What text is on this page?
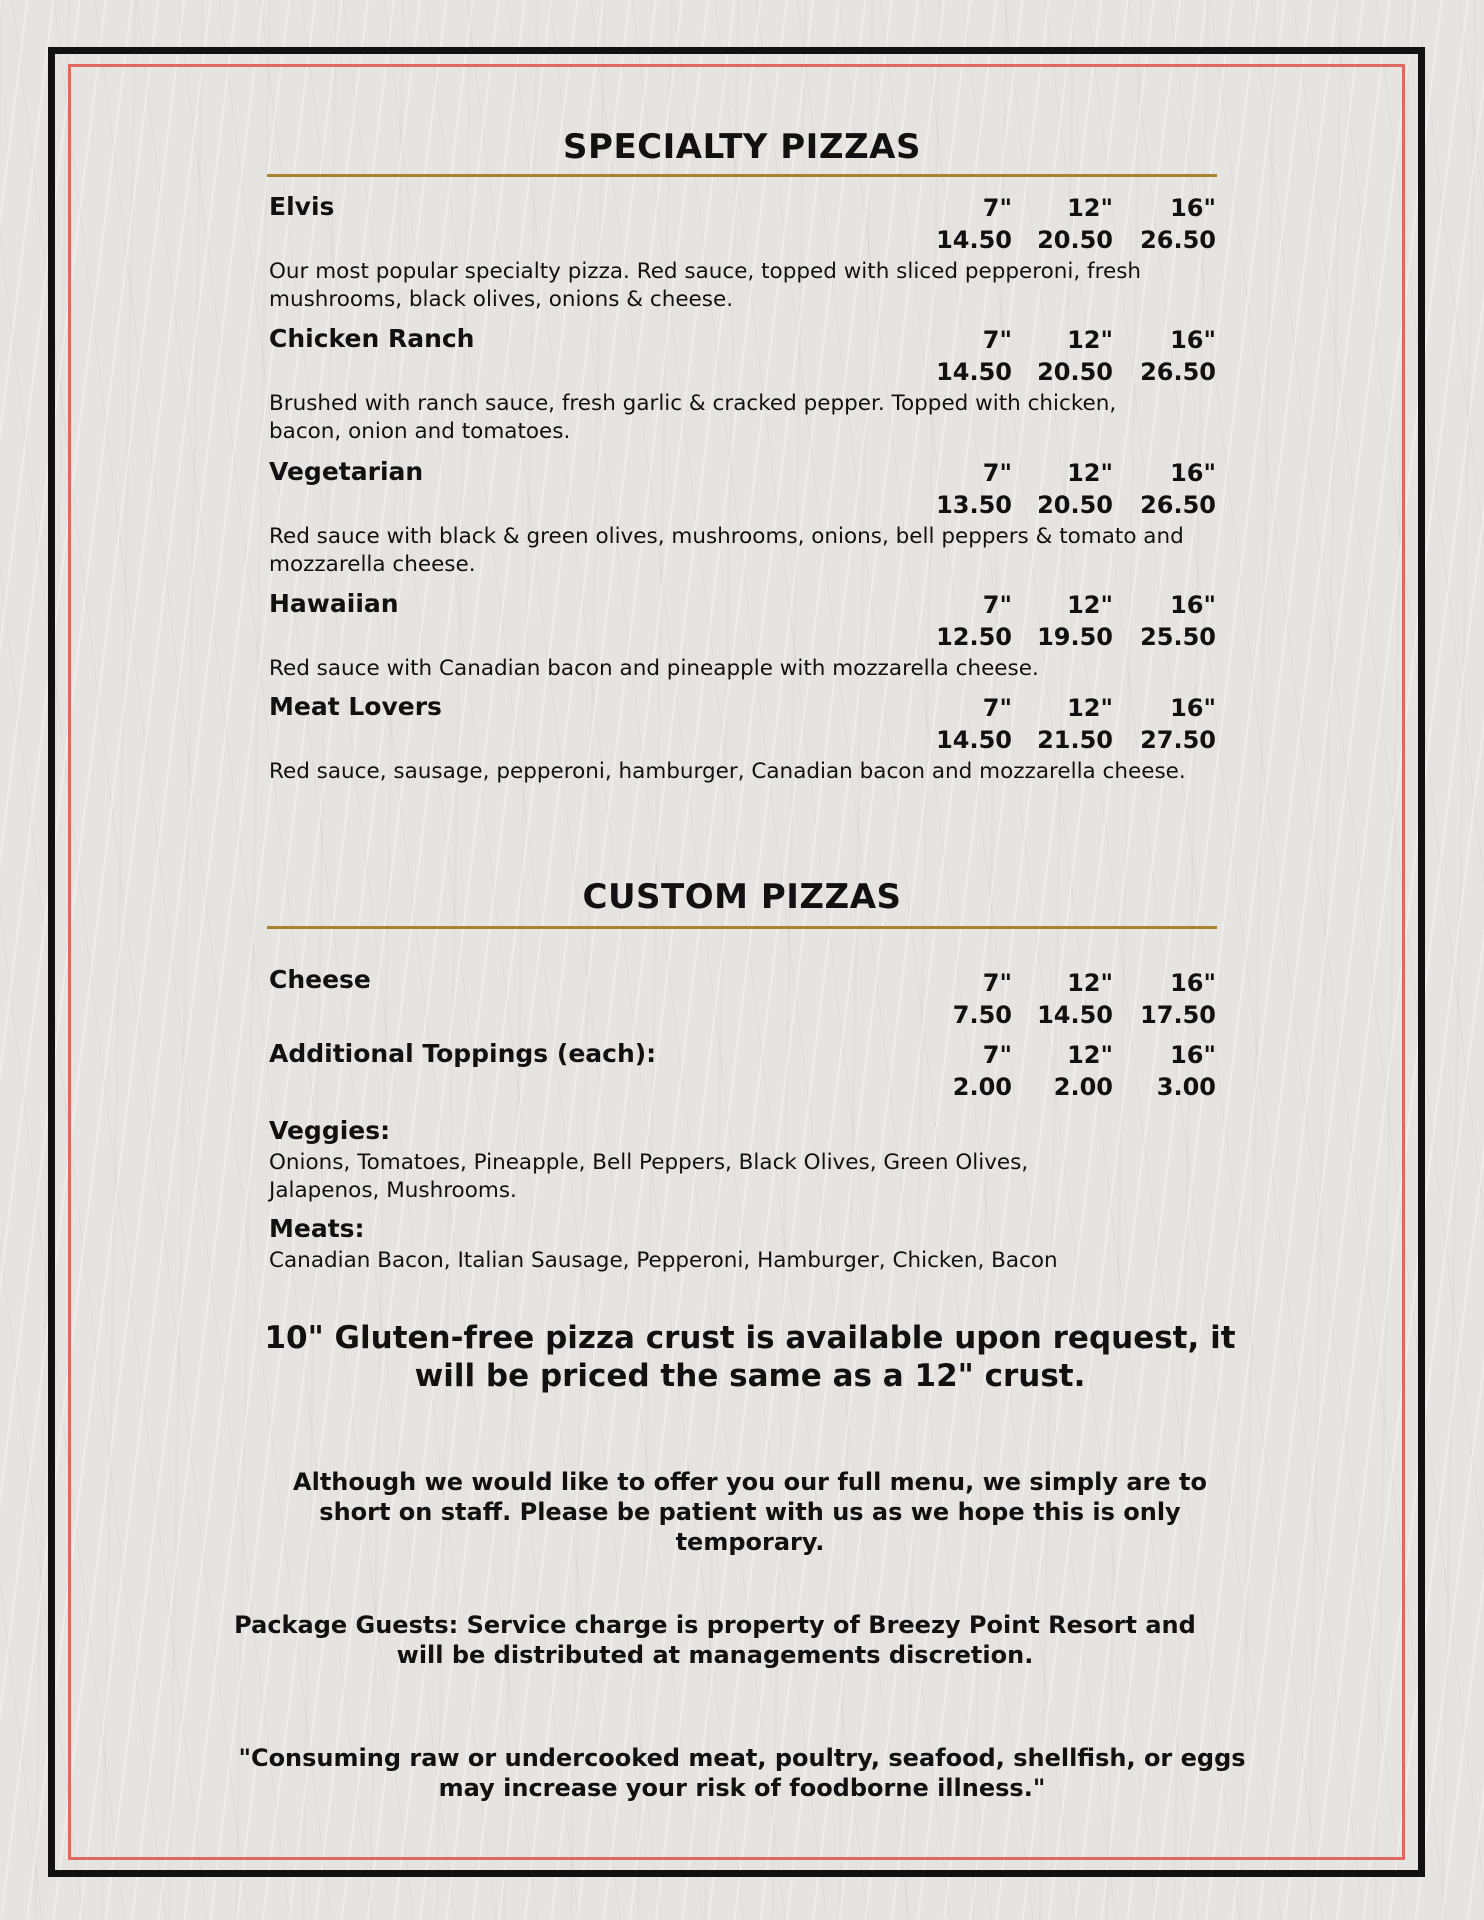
SPECIALTY PIZZAS
Elvis	7"	12"	16"
14.50	20.50	26.50
Our most popular specialty pizza. Red sauce, topped with sliced pepperoni, fresh mushrooms, black olives, onions & cheese.
Chicken Ranch	7"	12"	16"
14.50	20.50	26.50
Brushed with ranch sauce, fresh garlic & cracked pepper. Topped with chicken, bacon, onion and tomatoes.
Vegetarian	7"	12"	16"
13.50	20.50	26.50
Red sauce with black & green olives, mushrooms, onions, bell peppers & tomato and mozzarella cheese.
Hawaiian	7"	12"	16"
12.50	19.50	25.50
Red sauce with Canadian bacon and pineapple with mozzarella cheese.
Meat Lovers	7"	12"	16"
14.50	21.50	27.50
Red sauce, sausage, pepperoni, hamburger, Canadian bacon and mozzarella cheese.
CUSTOM PIZZAS
Cheese	7"	12"	16"
7.50	14.50	17.50
Additional Toppings (each):	7"	12"	16"
2.00	2.00	3.00
Veggies:
Onions, Tomatoes, Pineapple, Bell Peppers, Black Olives, Green Olives, Jalapenos, Mushrooms.
Meats:
Canadian Bacon, Italian Sausage, Pepperoni, Hamburger, Chicken, Bacon
10" Gluten-free pizza crust is available upon request, it will be priced the same as a 12" crust.
Although we would like to offer you our full menu, we simply are to short on staff. Please be patient with us as we hope this is only temporary.
Package Guests: Service charge is property of Breezy Point Resort and will be distributed at managements discretion.
"Consuming raw or undercooked meat, poultry, seafood, shellfish, or eggs may increase your risk of foodborne illness."
